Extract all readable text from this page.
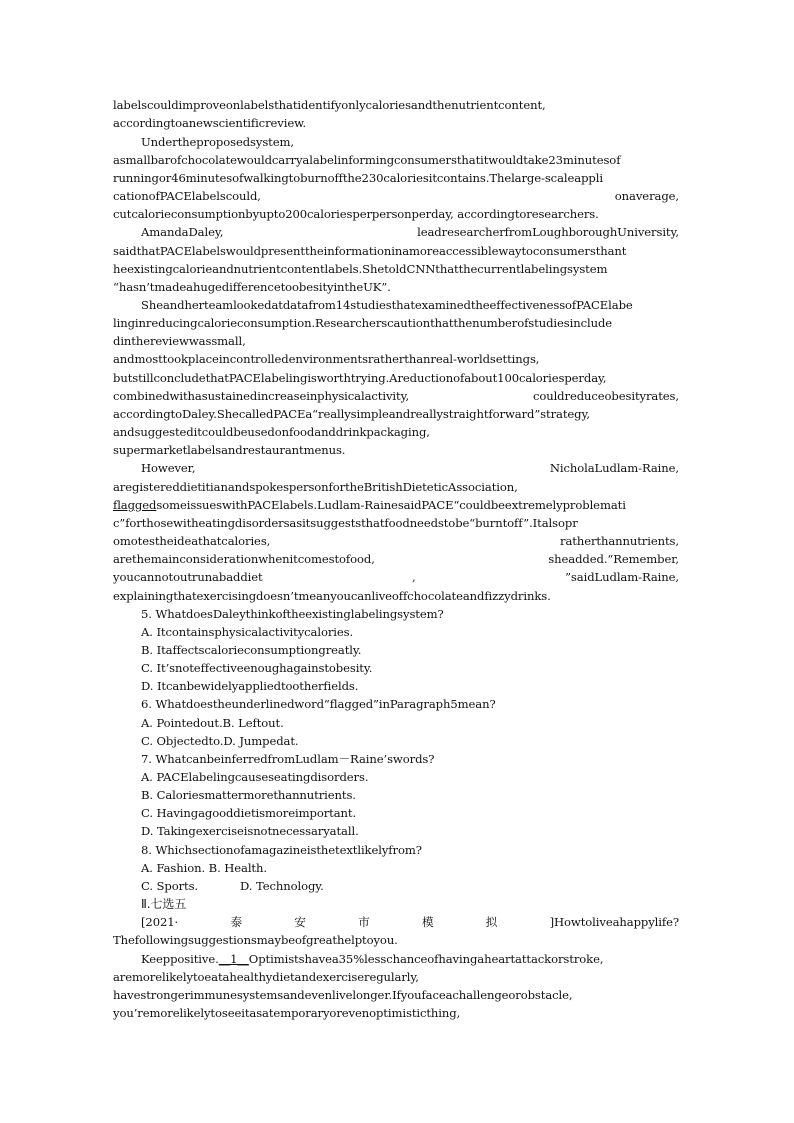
labelscouldimproveonlabelsthatidentifyonlycaloriesandthenutrientcontent,
accordingtoanewscientificreview.
Undertheproposedsystem,
asmallbarofchocolatewouldcarryalabelinformingconsumersthatitwouldtake23minutesof
runningor46minutesofwalkingtoburnoffthe230caloriesitcontains.Thelarge-scaleappli
cationofPACElabelscould,	onaverage,
cutcalorieconsumptionbyupto200caloriesperpersonperday, accordingtoresearchers.
AmandaDaley,	leadresearcherfromLoughboroughUniversity,
saidthatPACElabelswouldpresenttheinformationinamoreaccessiblewaytoconsumersthant
heexistingcalorieandnutrientcontentlabels.ShetoldCNNthatthecurrentlabelingsystem
“hasn’tmadeahugedifferencetoobesityintheUK”.
Sheandherteamlookedatdatafrom14studiesthatexaminedtheeffectivenessofPACElabe
linginreducingcalorieconsumption.Researcherscautionthatthenumberofstudiesinclude
dinthereviewwassmall,
andmosttookplaceincontrolledenvironmentsratherthanreal-worldsettings,
butstillconcludethatPACElabelingisworthtrying.Areductionofabout100caloriesperday,
combinedwithasustainedincreaseinphysicalactivity,	couldreduceobesityrates,
accordingtoDaley.ShecalledPACEa“reallysimpleandreallystraightforward”strategy,
andsuggesteditcouldbeusedonfoodanddrinkpackaging,
supermarketlabelsandrestaurantmenus.
However,	NicholaLudlam-Raine,
aregistereddietitianandspokespersonfortheBritishDieteticAssociation,
flaggedsomeissueswithPACElabels.Ludlam-RainesaidPACE“couldbeextremelyproblemati
c”forthosewitheatingdisordersasitsuggeststhatfoodneedstobe“burntoff”.Italsopr
omotestheideathatcalories,	ratherthannutrients,
arethemainconsiderationwhenitcomestofood,	sheadded.“Remember,
youcannotoutrunabaddiet	,	”saidLudlam-Raine,
explainingthatexercisingdoesn’tmeanyoucanliveoffchocolateandfizzydrinks.
5. WhatdoesDaleythinkoftheexistinglabelingsystem?
A. Itcontainsphysicalactivitycalories.
B. Itaffectscalorieconsumptiongreatly.
C. It’snoteffectiveenoughagainstobesity.
D. Itcanbewidelyappliedtootherfields.
6. Whatdoestheunderlinedword“flagged”inParagraph5mean?
A. Pointedout.B. Leftout.
C. Objectedto.D. Jumpedat.
7. WhatcanbeinferredfromLudlam－Raine’swords?
A. PACElabelingcauseseatingdisorders.
B. Caloriesmattermorethannutrients.
C. Havingagooddietismoreimportant.
D. Takingexerciseisnotnecessaryatall.
8. Whichsectionofamagazineisthetextlikelyfrom?
A. Fashion. B. Health.
C. Sports.	D. Technology.
Ⅱ.七选五
[2021·	泰	安	市	模	拟	]Howtoliveahappylife?
Thefollowingsuggestionsmaybeofgreathelptoyou.
Keeppositive.__1__Optimistshavea35%lesschanceofhavingaheartattackorstroke,
aremorelikelytoeatahealthydietandexerciseregularly,
havestrongerimmunesystemsandevenlivelonger.Ifyoufaceachallengeorobstacle,
you’remorelikelytoseeitasatemporaryorevenoptimisticthing,
